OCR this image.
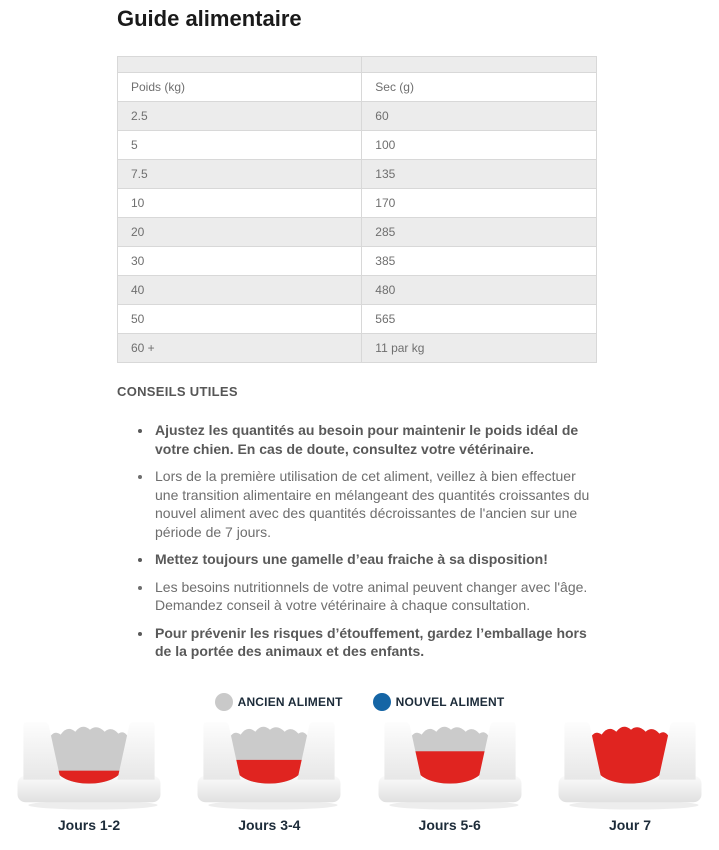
Guide alimentaire

Poids (kg)	Sec (g)
2.5	60
5	100
7.5	135
10	170
20	285
30	385
40	480
50	565
60 +	11 par kg
CONSEILS UTILES
• Ajustez les quantités au besoin pour maintenir le poids idéal de votre chien. En cas de doute, consultez votre vétérinaire.
• Lors de la première utilisation de cet aliment, veillez à bien effectuer une transition alimentaire en mélangeant des quantités croissantes du nouvel aliment avec des quantités décroissantes de l'ancien sur une période de 7 jours.
• Mettez toujours une gamelle d’eau fraiche à sa disposition!
• Les besoins nutritionnels de votre animal peuvent changer avec l'âge. Demandez conseil à votre vétérinaire à chaque consultation.
• Pour prévenir les risques d’étouffement, gardez l’emballage hors de la portée des animaux et des enfants.
ANCIEN ALIMENT	NOUVEL ALIMENT
Jours 1-2	Jours 3-4	Jours 5-6	Jour 7
